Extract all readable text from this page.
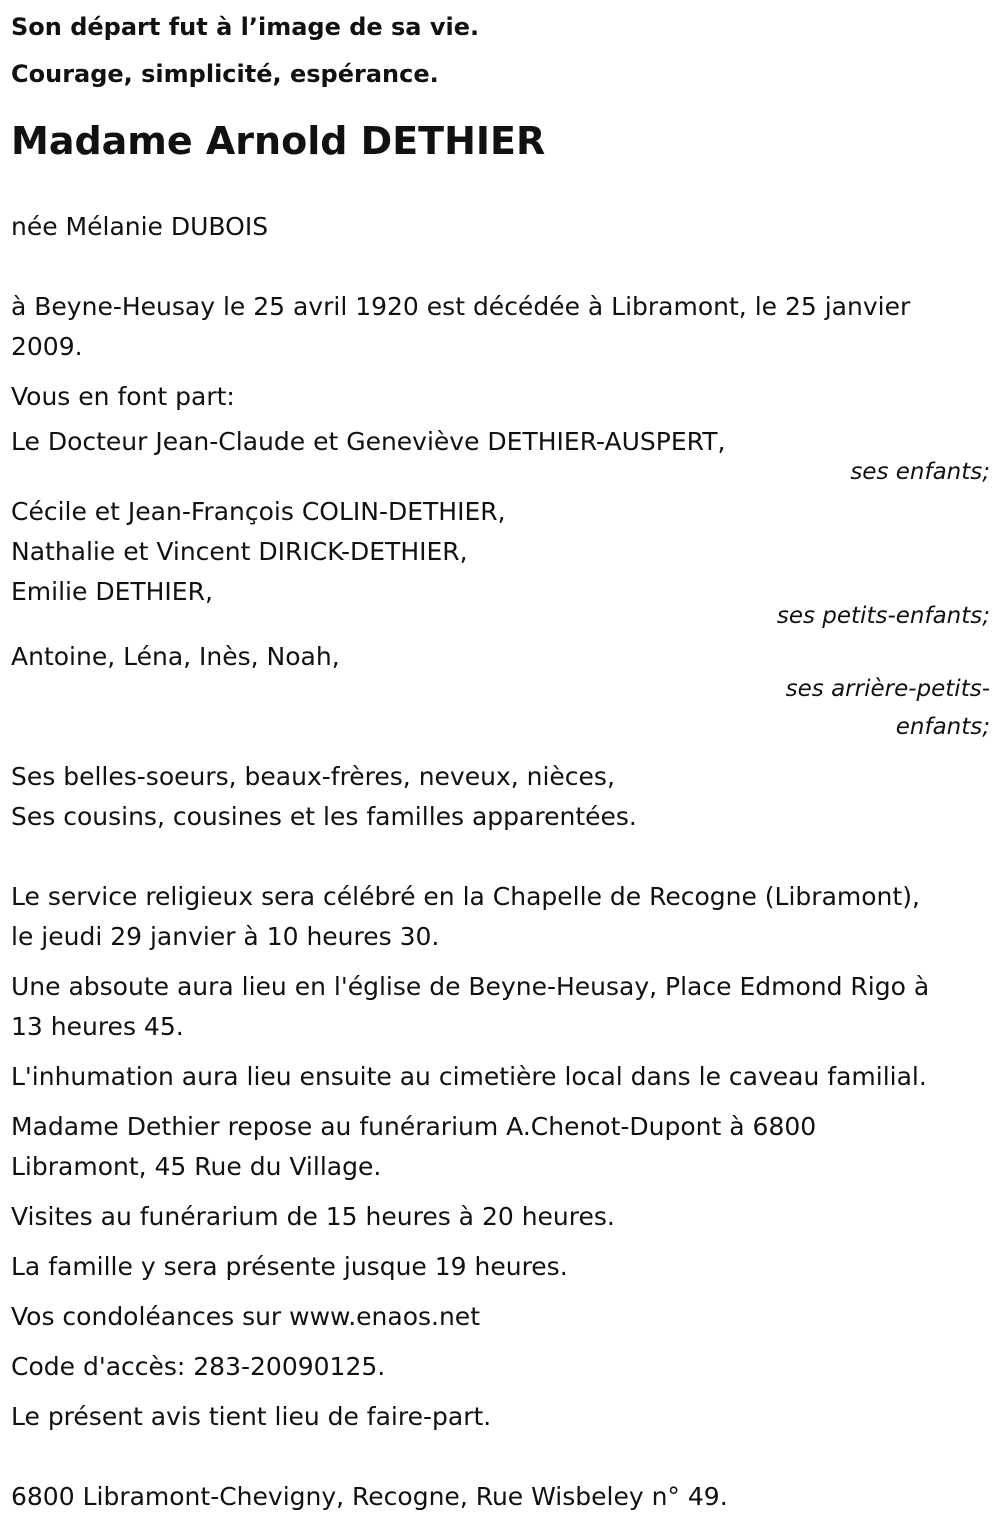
Son départ fut à l’image de sa vie.

Courage, simplicité, espérance.

Madame Arnold DETHIER

née Mélanie DUBOIS

à Beyne-Heusay le 25 avril 1920 est décédée à Libramont, le 25 janvier

2009.

Vous en font part:

Le Docteur Jean-Claude et Geneviève DETHIER-AUSPERT,

ses enfants;

Cécile et Jean-François COLIN-DETHIER,

Nathalie et Vincent DIRICK-DETHIER,

Emilie DETHIER,

ses petits-enfants;

Antoine, Léna, Inès, Noah,

ses arrière-petits-

enfants;

Ses belles-soeurs, beaux-frères, neveux, nièces,

Ses cousins, cousines et les familles apparentées.

Le service religieux sera célébré en la Chapelle de Recogne (Libramont),

le jeudi 29 janvier à 10 heures 30.

Une absoute aura lieu en l'église de Beyne-Heusay, Place Edmond Rigo à

13 heures 45.

L'inhumation aura lieu ensuite au cimetière local dans le caveau familial.

Madame Dethier repose au funérarium A.Chenot-Dupont à 6800

Libramont, 45 Rue du Village.

Visites au funérarium de 15 heures à 20 heures.

La famille y sera présente jusque 19 heures.

Vos condoléances sur www.enaos.net

Code d'accès: 283-20090125.

Le présent avis tient lieu de faire-part.

6800 Libramont-Chevigny, Recogne, Rue Wisbeley n° 49.
